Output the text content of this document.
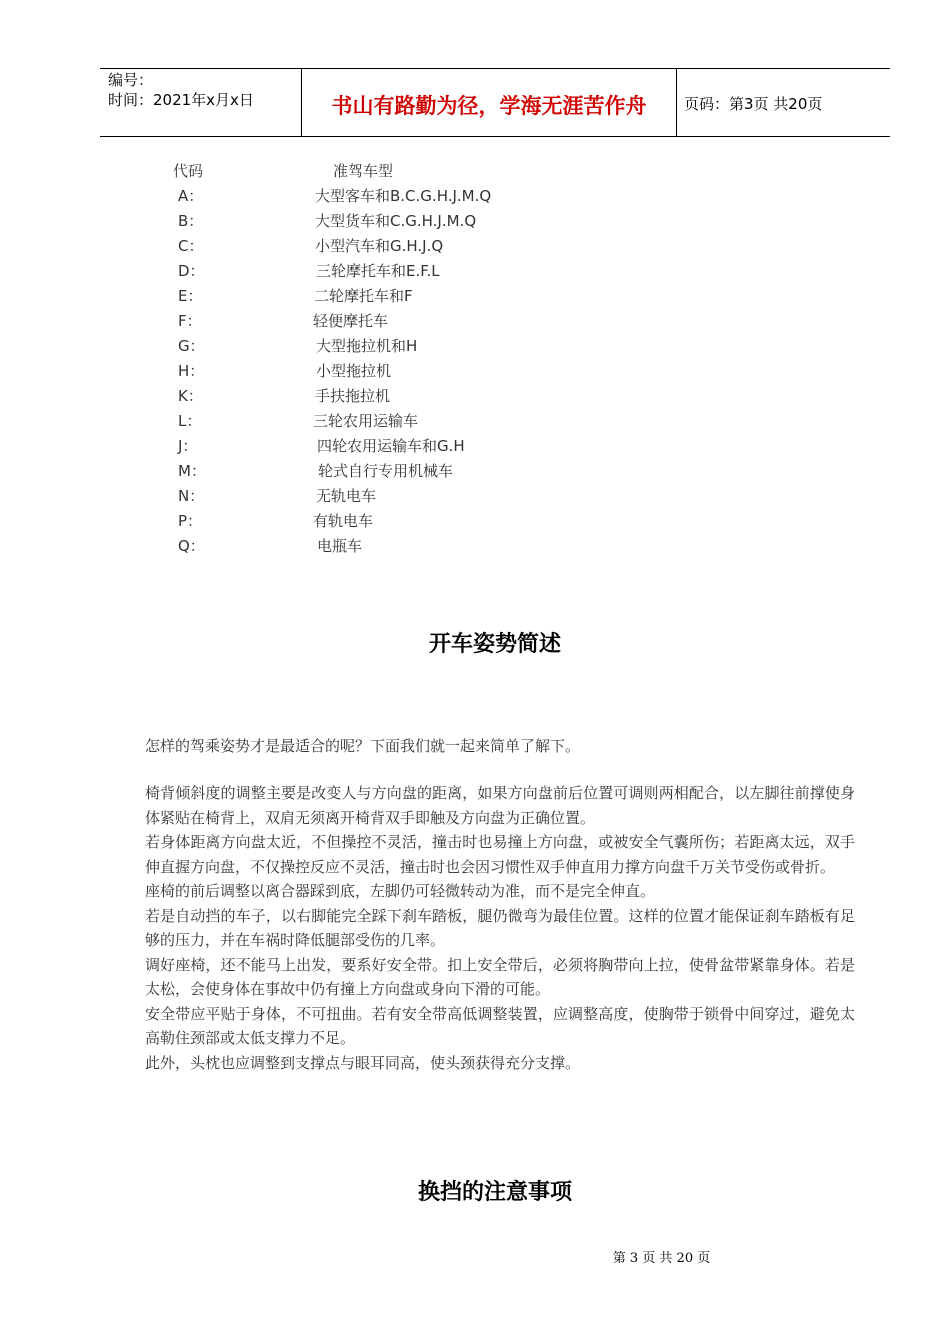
编号：
时间：2021年x月x日	书山有路勤为径，学海无涯苦作舟	页码：第3页 共20页
代码	准驾车型
A：	大型客车和B.C.G.H.J.M.Q
B：	大型货车和C.G.H.J.M.Q
C：	小型汽车和G.H.J.Q
D：	三轮摩托车和E.F.L
E：	二轮摩托车和F
F：	轻便摩托车
G：	大型拖拉机和H
H：	小型拖拉机
K：	手扶拖拉机
L：	三轮农用运输车
J：	四轮农用运输车和G.H
M：	轮式自行专用机械车
N：	无轨电车
P：	有轨电车
Q：	电瓶车
开车姿势简述

怎样的驾乘姿势才是最适合的呢？下面我们就一起来简单了解下。

椅背倾斜度的调整主要是改变人与方向盘的距离，如果方向盘前后位置可调则两相配合，以左脚往前撑使身体紧贴在椅背上，双肩无须离开椅背双手即触及方向盘为正确位置。

若身体距离方向盘太近，不但操控不灵活，撞击时也易撞上方向盘，或被安全气囊所伤；若距离太远，双手伸直握方向盘，不仅操控反应不灵活，撞击时也会因习惯性双手伸直用力撑方向盘千万关节受伤或骨折。

座椅的前后调整以离合器踩到底，左脚仍可轻微转动为准，而不是完全伸直。

若是自动挡的车子，以右脚能完全踩下刹车踏板，腿仍微弯为最佳位置。这样的位置才能保证刹车踏板有足够的压力，并在车祸时降低腿部受伤的几率。

调好座椅，还不能马上出发，要系好安全带。扣上安全带后，必须将胸带向上拉，使骨盆带紧靠身体。若是太松，会使身体在事故中仍有撞上方向盘或身向下滑的可能。

安全带应平贴于身体，不可扭曲。若有安全带高低调整装置，应调整高度，使胸带于锁骨中间穿过，避免太高勒住颈部或太低支撑力不足。

此外，头枕也应调整到支撑点与眼耳同高，使头颈获得充分支撑。

换挡的注意事项
第 3 页 共 20 页
